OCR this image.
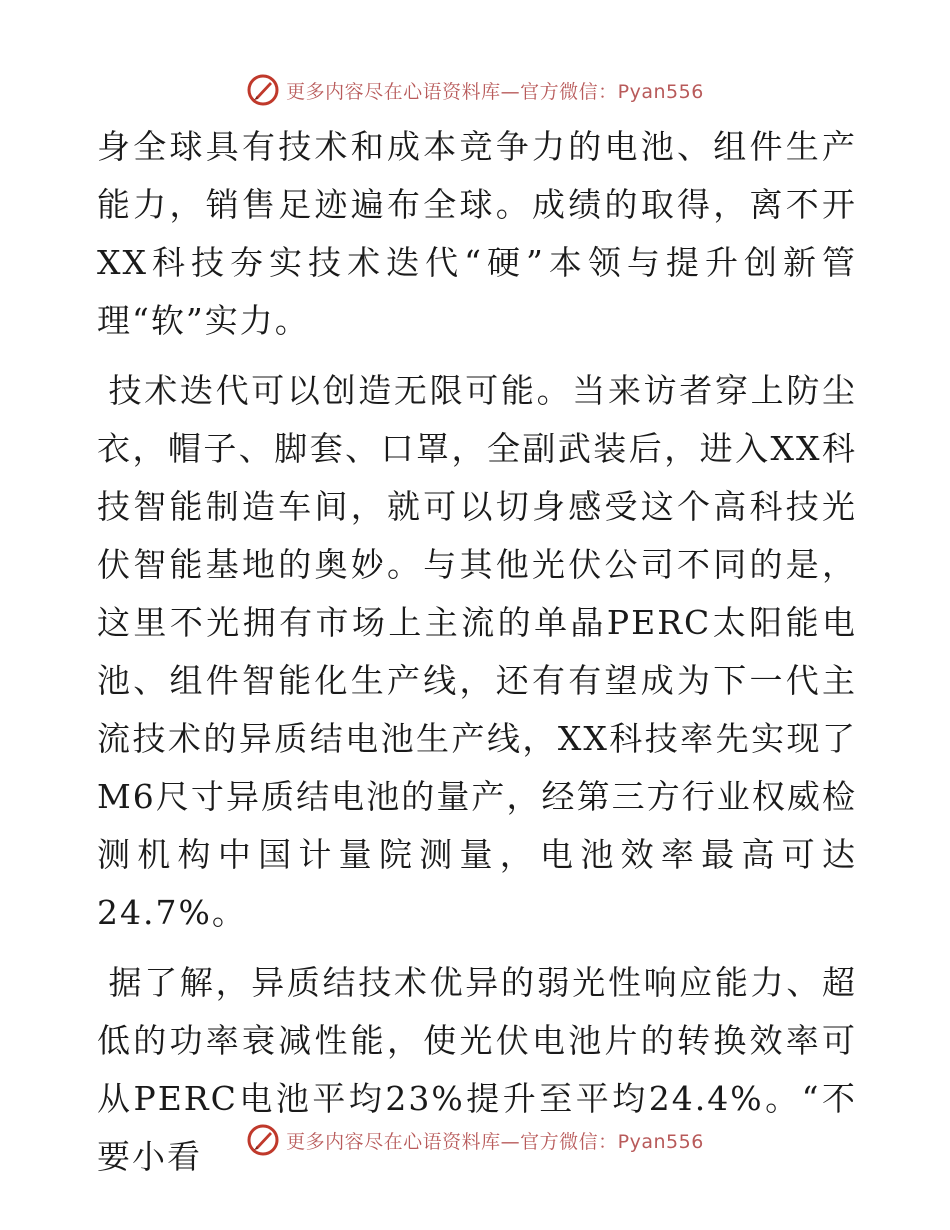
更多内容尽在心语资料库—官方微信：Pyan556

身全球具有技术和成本竞争力的电池、组件生产能力，销售足迹遍布全球。成绩的取得，离不开XX科技夯实技术迭代“硬”本领与提升创新管理“软”实力。

技术迭代可以创造无限可能。当来访者穿上防尘衣，帽子、脚套、口罩，全副武装后，进入XX科技智能制造车间，就可以切身感受这个高科技光伏智能基地的奥妙。与其他光伏公司不同的是，这里不光拥有市场上主流的单晶PERC太阳能电池、组件智能化生产线，还有有望成为下一代主流技术的异质结电池生产线，XX科技率先实现了M6尺寸异质结电池的量产，经第三方行业权威检测机构中国计量院测量，电池效率最高可达24.7%。

据了解，异质结技术优异的弱光性响应能力、超低的功率衰减性能，使光伏电池片的转换效率可从PERC电池平均23%提升至平均24.4%。“不要小看	更多内容尽在心语资料库—官方微信：Pyan556
